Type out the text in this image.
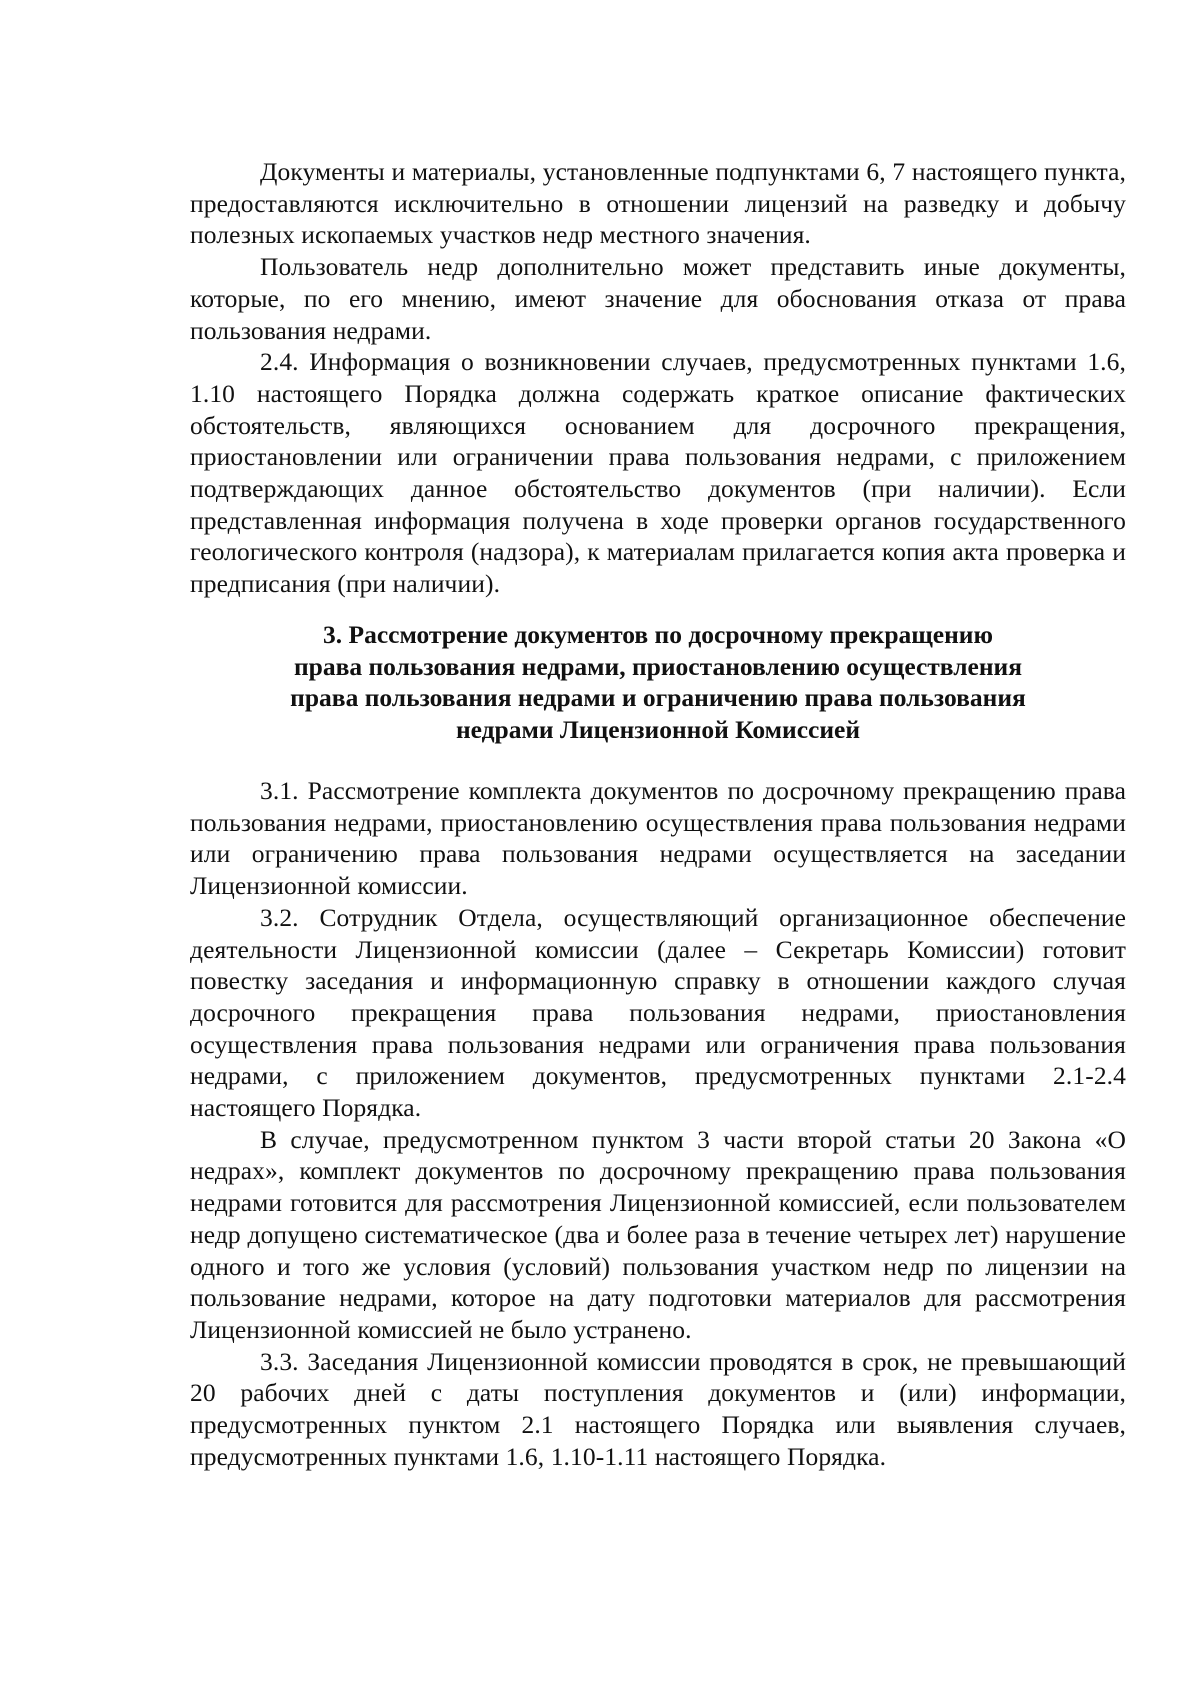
Документы и материалы, установленные подпунктами 6, 7 настоящего пункта, предоставляются исключительно в отношении лицензий на разведку и добычу полезных ископаемых участков недр местного значения.

Пользователь недр дополнительно может представить иные документы, которые, по его мнению, имеют значение для обоснования отказа от права пользования недрами.

2.4. Информация о возникновении случаев, предусмотренных пунктами 1.6, 1.10 настоящего Порядка должна содержать краткое описание фактических обстоятельств, являющихся основанием для досрочного прекращения, приостановлении или ограничении права пользования недрами, с приложением подтверждающих данное обстоятельство документов (при наличии). Если представленная информация получена в ходе проверки органов государственного геологического контроля (надзора), к материалам прилагается копия акта проверка и предписания (при наличии).

3. Рассмотрение документов по досрочному прекращению
права пользования недрами, приостановлению осуществления
права пользования недрами и ограничению права пользования
недрами Лицензионной Комиссией

3.1. Рассмотрение комплекта документов по досрочному прекращению права пользования недрами, приостановлению осуществления права пользования недрами или ограничению права пользования недрами осуществляется на заседании Лицензионной комиссии.

3.2. Сотрудник Отдела, осуществляющий организационное обеспечение деятельности Лицензионной комиссии (далее – Секретарь Комиссии) готовит повестку заседания и информационную справку в отношении каждого случая досрочного прекращения права пользования недрами, приостановления осуществления права пользования недрами или ограничения права пользования недрами, с приложением документов, предусмотренных пунктами 2.1-2.4 настоящего Порядка.

В случае, предусмотренном пунктом 3 части второй статьи 20 Закона «О недрах», комплект документов по досрочному прекращению права пользования недрами готовится для рассмотрения Лицензионной комиссией, если пользователем недр допущено систематическое (два и более раза в течение четырех лет) нарушение одного и того же условия (условий) пользования участком недр по лицензии на пользование недрами, которое на дату подготовки материалов для рассмотрения Лицензионной комиссией не было устранено.

3.3. Заседания Лицензионной комиссии проводятся в срок, не превышающий 20 рабочих дней с даты поступления документов и (или) информации, предусмотренных пунктом 2.1 настоящего Порядка или выявления случаев, предусмотренных пунктами 1.6, 1.10-1.11 настоящего Порядка.
